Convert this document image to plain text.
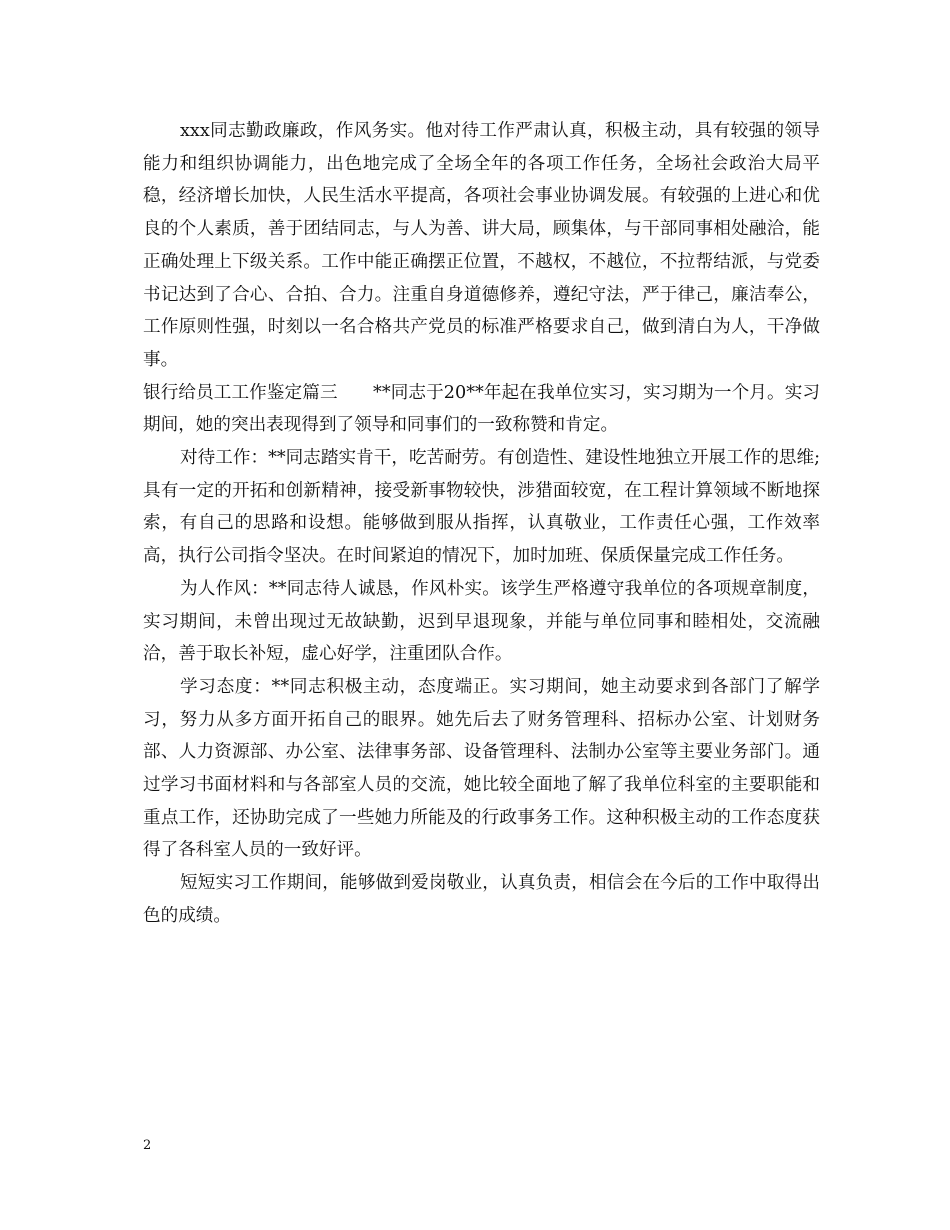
xxx同志勤政廉政，作风务实。他对待工作严肃认真，积极主动，具有较强的领导能力和组织协调能力，出色地完成了全场全年的各项工作任务，全场社会政治大局平稳，经济增长加快，人民生活水平提高，各项社会事业协调发展。有较强的上进心和优良的个人素质，善于团结同志，与人为善、讲大局，顾集体，与干部同事相处融洽，能正确处理上下级关系。工作中能正确摆正位置，不越权，不越位，不拉帮结派，与党委书记达到了合心、合拍、合力。注重自身道德修养，遵纪守法，严于律己，廉洁奉公，工作原则性强，时刻以一名合格共产党员的标准严格要求自己，做到清白为人，干净做事。

银行给员工工作鉴定篇三　　**同志于20**年起在我单位实习，实习期为一个月。实习期间，她的突出表现得到了领导和同事们的一致称赞和肯定。

对待工作：**同志踏实肯干，吃苦耐劳。有创造性、建设性地独立开展工作的思维;具有一定的开拓和创新精神，接受新事物较快，涉猎面较宽，在工程计算领域不断地探索，有自己的思路和设想。能够做到服从指挥，认真敬业，工作责任心强，工作效率高，执行公司指令坚决。在时间紧迫的情况下，加时加班、保质保量完成工作任务。

为人作风：**同志待人诚恳，作风朴实。该学生严格遵守我单位的各项规章制度，实习期间，未曾出现过无故缺勤，迟到早退现象，并能与单位同事和睦相处，交流融洽，善于取长补短，虚心好学，注重团队合作。

学习态度：**同志积极主动，态度端正。实习期间，她主动要求到各部门了解学习，努力从多方面开拓自己的眼界。她先后去了财务管理科、招标办公室、计划财务部、人力资源部、办公室、法律事务部、设备管理科、法制办公室等主要业务部门。通过学习书面材料和与各部室人员的交流，她比较全面地了解了我单位科室的主要职能和重点工作，还协助完成了一些她力所能及的行政事务工作。这种积极主动的工作态度获得了各科室人员的一致好评。

短短实习工作期间，能够做到爱岗敬业，认真负责，相信会在今后的工作中取得出色的成绩。

2
